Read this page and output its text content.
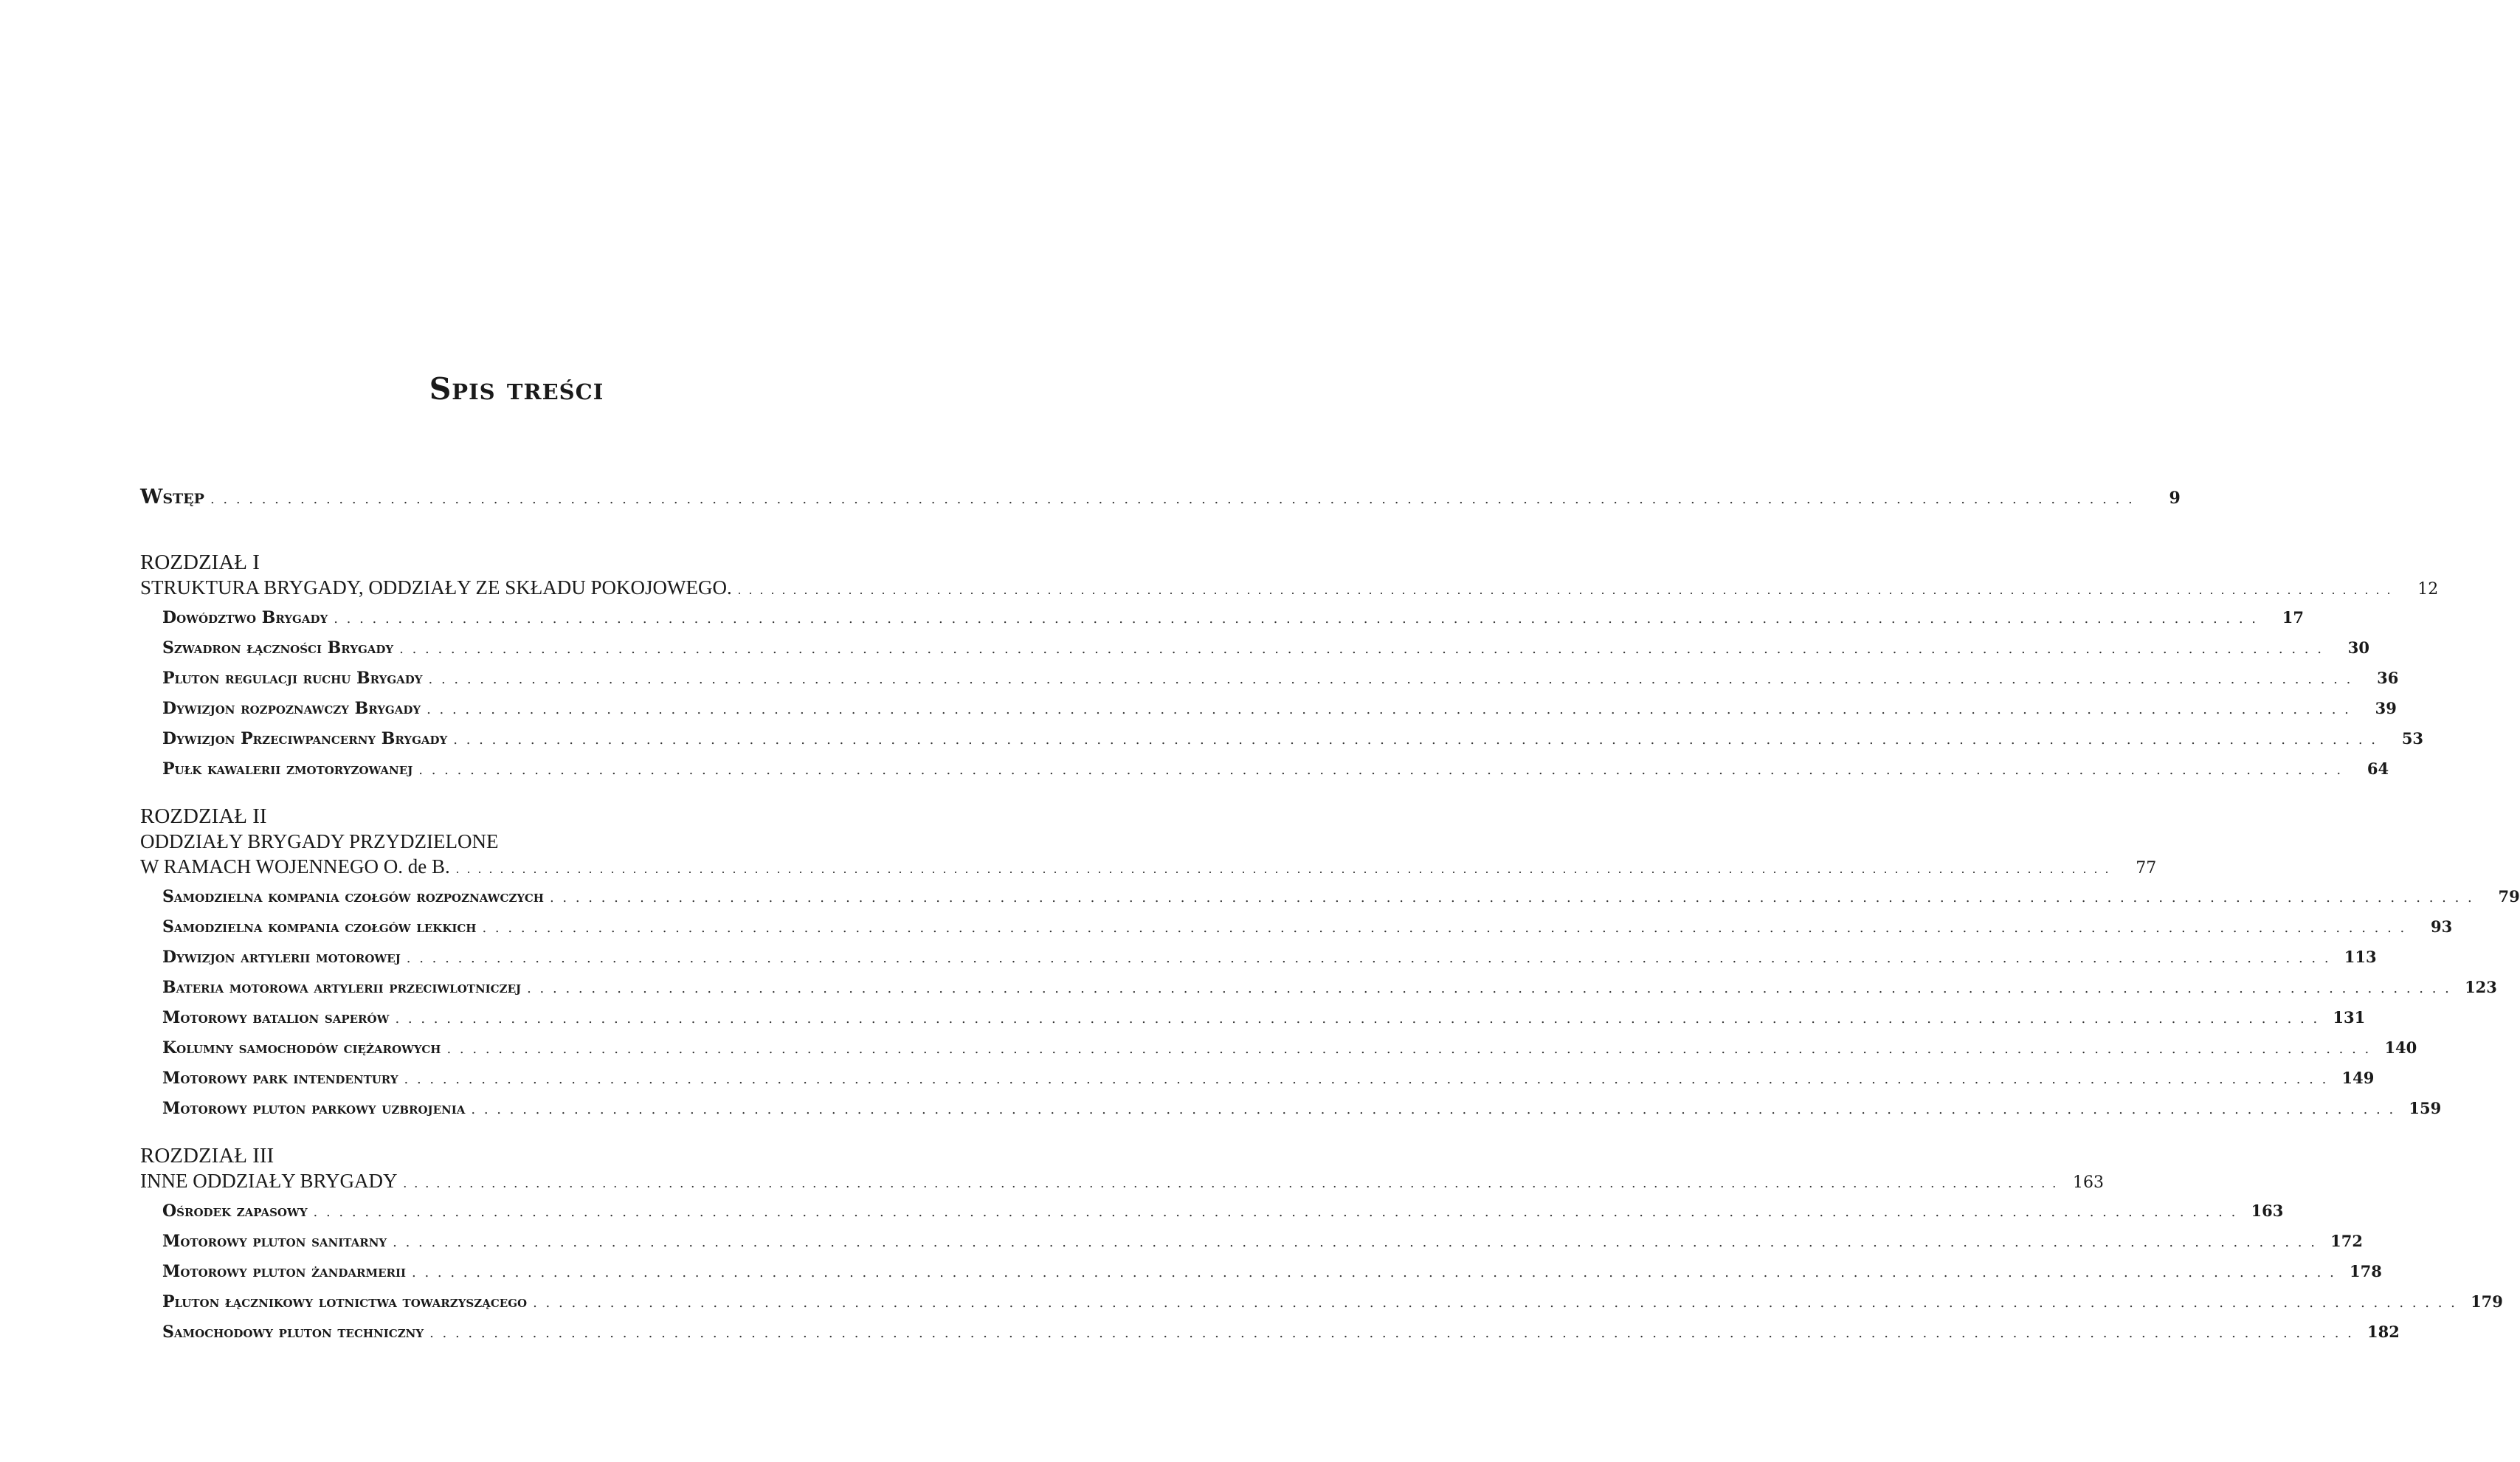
Spis treści
Wstęp . . . . . . . . . . . . . . . . . . . . . . . . . . . . . . . . . . . . . . . . . . . . . . . . . . . . . . . . . . . . . . . . . . . . . . . . . . . . . . . . . . . . . . . . . . . . . . . . . . . . . . . . . . . . . . . . . . . . . . . . . . . . . . . . . . . . . . . . . . . . . . . . . . . . . .	9
ROZDZIAŁ I
STRUKTURA BRYGADY, ODDZIAŁY ZE SKŁADU POKOJOWEGO. . . . . . . . . . . . . . . . . . . . . . . . . . . . . . . . . . . . . . . . . . . . . . . . . . . . . . . . . . . . . . . . . . . . . . . . . . . . . . . . . . . . . . . . . . . . . . . . . . . . . . . . . . . . . . . . . . . . . . . . . . . . . . . . . . . . . . . . . . . . . . . . . . . . . . .	12
Dowództwo Brygady . . . . . . . . . . . . . . . . . . . . . . . . . . . . . . . . . . . . . . . . . . . . . . . . . . . . . . . . . . . . . . . . . . . . . . . . . . . . . . . . . . . . . . . . . . . . . . . . . . . . . . . . . . . . . . . . . . . . . . . . . . . . . . . . . . . . . . . . . . . . . . . . . . . . . .	17
Szwadron łączności Brygady . . . . . . . . . . . . . . . . . . . . . . . . . . . . . . . . . . . . . . . . . . . . . . . . . . . . . . . . . . . . . . . . . . . . . . . . . . . . . . . . . . . . . . . . . . . . . . . . . . . . . . . . . . . . . . . . . . . . . . . . . . . . . . . . . . . . . . . . . . . . . . . . . . . . . .	30
Pluton regulacji ruchu Brygady . . . . . . . . . . . . . . . . . . . . . . . . . . . . . . . . . . . . . . . . . . . . . . . . . . . . . . . . . . . . . . . . . . . . . . . . . . . . . . . . . . . . . . . . . . . . . . . . . . . . . . . . . . . . . . . . . . . . . . . . . . . . . . . . . . . . . . . . . . . . . . . . . . . . . .	36
Dywizjon rozpoznawczy Brygady . . . . . . . . . . . . . . . . . . . . . . . . . . . . . . . . . . . . . . . . . . . . . . . . . . . . . . . . . . . . . . . . . . . . . . . . . . . . . . . . . . . . . . . . . . . . . . . . . . . . . . . . . . . . . . . . . . . . . . . . . . . . . . . . . . . . . . . . . . . . . . . . . . . . . .	39
Dywizjon Przeciwpancerny Brygady . . . . . . . . . . . . . . . . . . . . . . . . . . . . . . . . . . . . . . . . . . . . . . . . . . . . . . . . . . . . . . . . . . . . . . . . . . . . . . . . . . . . . . . . . . . . . . . . . . . . . . . . . . . . . . . . . . . . . . . . . . . . . . . . . . . . . . . . . . . . . . . . . . . . . .	53
Pułk kawalerii zmotoryzowanej . . . . . . . . . . . . . . . . . . . . . . . . . . . . . . . . . . . . . . . . . . . . . . . . . . . . . . . . . . . . . . . . . . . . . . . . . . . . . . . . . . . . . . . . . . . . . . . . . . . . . . . . . . . . . . . . . . . . . . . . . . . . . . . . . . . . . . . . . . . . . . . . . . . . . .	64
ROZDZIAŁ II
ODDZIAŁY BRYGADY PRZYDZIELONE
W RAMACH WOJENNEGO O. de B. . . . . . . . . . . . . . . . . . . . . . . . . . . . . . . . . . . . . . . . . . . . . . . . . . . . . . . . . . . . . . . . . . . . . . . . . . . . . . . . . . . . . . . . . . . . . . . . . . . . . . . . . . . . . . . . . . . . . . . . . . . . . . . . . . . . . . . . . . . . . . . . . . . . . . .	77
Samodzielna kompania czołgów rozpoznawczych . . . . . . . . . . . . . . . . . . . . . . . . . . . . . . . . . . . . . . . . . . . . . . . . . . . . . . . . . . . . . . . . . . . . . . . . . . . . . . . . . . . . . . . . . . . . . . . . . . . . . . . . . . . . . . . . . . . . . . . . . . . . . . . . . . . . . . . . . . . . . . . . . . . . . .	79
Samodzielna kompania czołgów lekkich . . . . . . . . . . . . . . . . . . . . . . . . . . . . . . . . . . . . . . . . . . . . . . . . . . . . . . . . . . . . . . . . . . . . . . . . . . . . . . . . . . . . . . . . . . . . . . . . . . . . . . . . . . . . . . . . . . . . . . . . . . . . . . . . . . . . . . . . . . . . . . . . . . . . . .	93
Dywizjon artylerii motorowej . . . . . . . . . . . . . . . . . . . . . . . . . . . . . . . . . . . . . . . . . . . . . . . . . . . . . . . . . . . . . . . . . . . . . . . . . . . . . . . . . . . . . . . . . . . . . . . . . . . . . . . . . . . . . . . . . . . . . . . . . . . . . . . . . . . . . . . . . . . . . . . . . . . . . . 113
Bateria motorowa artylerii przeciwlotniczej . . . . . . . . . . . . . . . . . . . . . . . . . . . . . . . . . . . . . . . . . . . . . . . . . . . . . . . . . . . . . . . . . . . . . . . . . . . . . . . . . . . . . . . . . . . . . . . . . . . . . . . . . . . . . . . . . . . . . . . . . . . . . . . . . . . . . . . . . . . . . . . . . . . . . . 123
Motorowy batalion saperów . . . . . . . . . . . . . . . . . . . . . . . . . . . . . . . . . . . . . . . . . . . . . . . . . . . . . . . . . . . . . . . . . . . . . . . . . . . . . . . . . . . . . . . . . . . . . . . . . . . . . . . . . . . . . . . . . . . . . . . . . . . . . . . . . . . . . . . . . . . . . . . . . . . . . . 131
Kolumny samochodów ciężarowych . . . . . . . . . . . . . . . . . . . . . . . . . . . . . . . . . . . . . . . . . . . . . . . . . . . . . . . . . . . . . . . . . . . . . . . . . . . . . . . . . . . . . . . . . . . . . . . . . . . . . . . . . . . . . . . . . . . . . . . . . . . . . . . . . . . . . . . . . . . . . . . . . . . . . . 140
Motorowy park intendentury . . . . . . . . . . . . . . . . . . . . . . . . . . . . . . . . . . . . . . . . . . . . . . . . . . . . . . . . . . . . . . . . . . . . . . . . . . . . . . . . . . . . . . . . . . . . . . . . . . . . . . . . . . . . . . . . . . . . . . . . . . . . . . . . . . . . . . . . . . . . . . . . . . . . . . 149
Motorowy pluton parkowy uzbrojenia . . . . . . . . . . . . . . . . . . . . . . . . . . . . . . . . . . . . . . . . . . . . . . . . . . . . . . . . . . . . . . . . . . . . . . . . . . . . . . . . . . . . . . . . . . . . . . . . . . . . . . . . . . . . . . . . . . . . . . . . . . . . . . . . . . . . . . . . . . . . . . . . . . . . . . 159
ROZDZIAŁ III
INNE ODDZIAŁY BRYGADY . . . . . . . . . . . . . . . . . . . . . . . . . . . . . . . . . . . . . . . . . . . . . . . . . . . . . . . . . . . . . . . . . . . . . . . . . . . . . . . . . . . . . . . . . . . . . . . . . . . . . . . . . . . . . . . . . . . . . . . . . . . . . . . . . . . . . . . . . . . . . . . . . . . . . . 163
Ośrodek zapasowy . . . . . . . . . . . . . . . . . . . . . . . . . . . . . . . . . . . . . . . . . . . . . . . . . . . . . . . . . . . . . . . . . . . . . . . . . . . . . . . . . . . . . . . . . . . . . . . . . . . . . . . . . . . . . . . . . . . . . . . . . . . . . . . . . . . . . . . . . . . . . . . . . . . . . . 163
Motorowy pluton sanitarny . . . . . . . . . . . . . . . . . . . . . . . . . . . . . . . . . . . . . . . . . . . . . . . . . . . . . . . . . . . . . . . . . . . . . . . . . . . . . . . . . . . . . . . . . . . . . . . . . . . . . . . . . . . . . . . . . . . . . . . . . . . . . . . . . . . . . . . . . . . . . . . . . . . . . . 172
Motorowy pluton żandarmerii . . . . . . . . . . . . . . . . . . . . . . . . . . . . . . . . . . . . . . . . . . . . . . . . . . . . . . . . . . . . . . . . . . . . . . . . . . . . . . . . . . . . . . . . . . . . . . . . . . . . . . . . . . . . . . . . . . . . . . . . . . . . . . . . . . . . . . . . . . . . . . . . . . . . . . 178
Pluton łącznikowy lotnictwa towarzyszącego . . . . . . . . . . . . . . . . . . . . . . . . . . . . . . . . . . . . . . . . . . . . . . . . . . . . . . . . . . . . . . . . . . . . . . . . . . . . . . . . . . . . . . . . . . . . . . . . . . . . . . . . . . . . . . . . . . . . . . . . . . . . . . . . . . . . . . . . . . . . . . . . . . . . . . 179
Samochodowy pluton techniczny . . . . . . . . . . . . . . . . . . . . . . . . . . . . . . . . . . . . . . . . . . . . . . . . . . . . . . . . . . . . . . . . . . . . . . . . . . . . . . . . . . . . . . . . . . . . . . . . . . . . . . . . . . . . . . . . . . . . . . . . . . . . . . . . . . . . . . . . . . . . . . . . . . . . . . 182
